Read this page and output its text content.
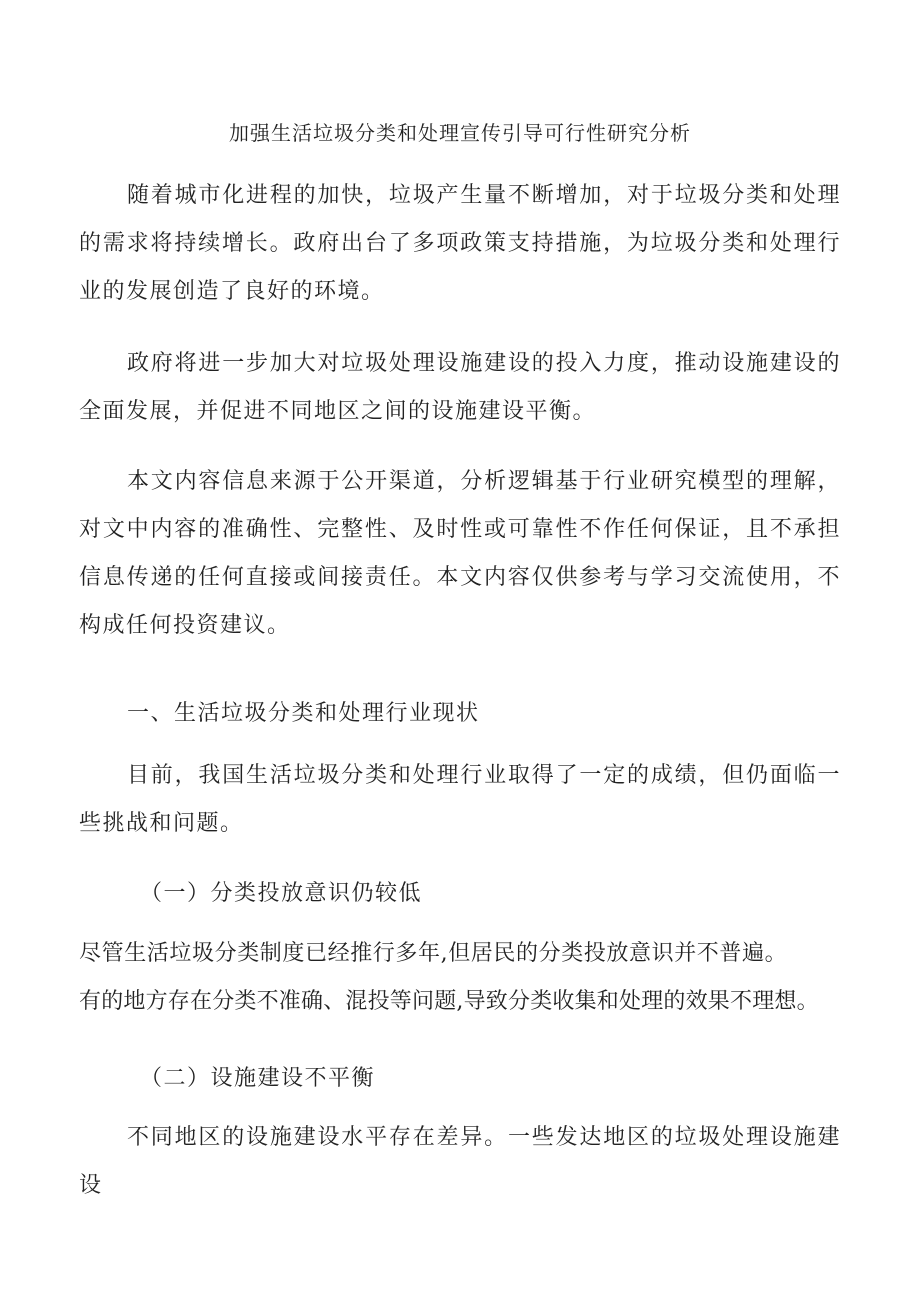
加强生活垃圾分类和处理宣传引导可行性研究分析
随着城市化进程的加快，垃圾产生量不断增加，对于垃圾分类和处理的需求将持续增长。政府出台了多项政策支持措施，为垃圾分类和处理行业的发展创造了良好的环境。
政府将进一步加大对垃圾处理设施建设的投入力度，推动设施建设的全面发展，并促进不同地区之间的设施建设平衡。
本文内容信息来源于公开渠道，分析逻辑基于行业研究模型的理解，对文中内容的准确性、完整性、及时性或可靠性不作任何保证，且不承担信息传递的任何直接或间接责任。本文内容仅供参考与学习交流使用，不构成任何投资建议。
一、生活垃圾分类和处理行业现状
目前，我国生活垃圾分类和处理行业取得了一定的成绩，但仍面临一些挑战和问题。
（一）分类投放意识仍较低
尽管生活垃圾分类制度已经推行多年,但居民的分类投放意识并不普遍。
有的地方存在分类不准确、混投等问题,导致分类收集和处理的效果不理想。
（二）设施建设不平衡
不同地区的设施建设水平存在差异。一些发达地区的垃圾处理设施建设
